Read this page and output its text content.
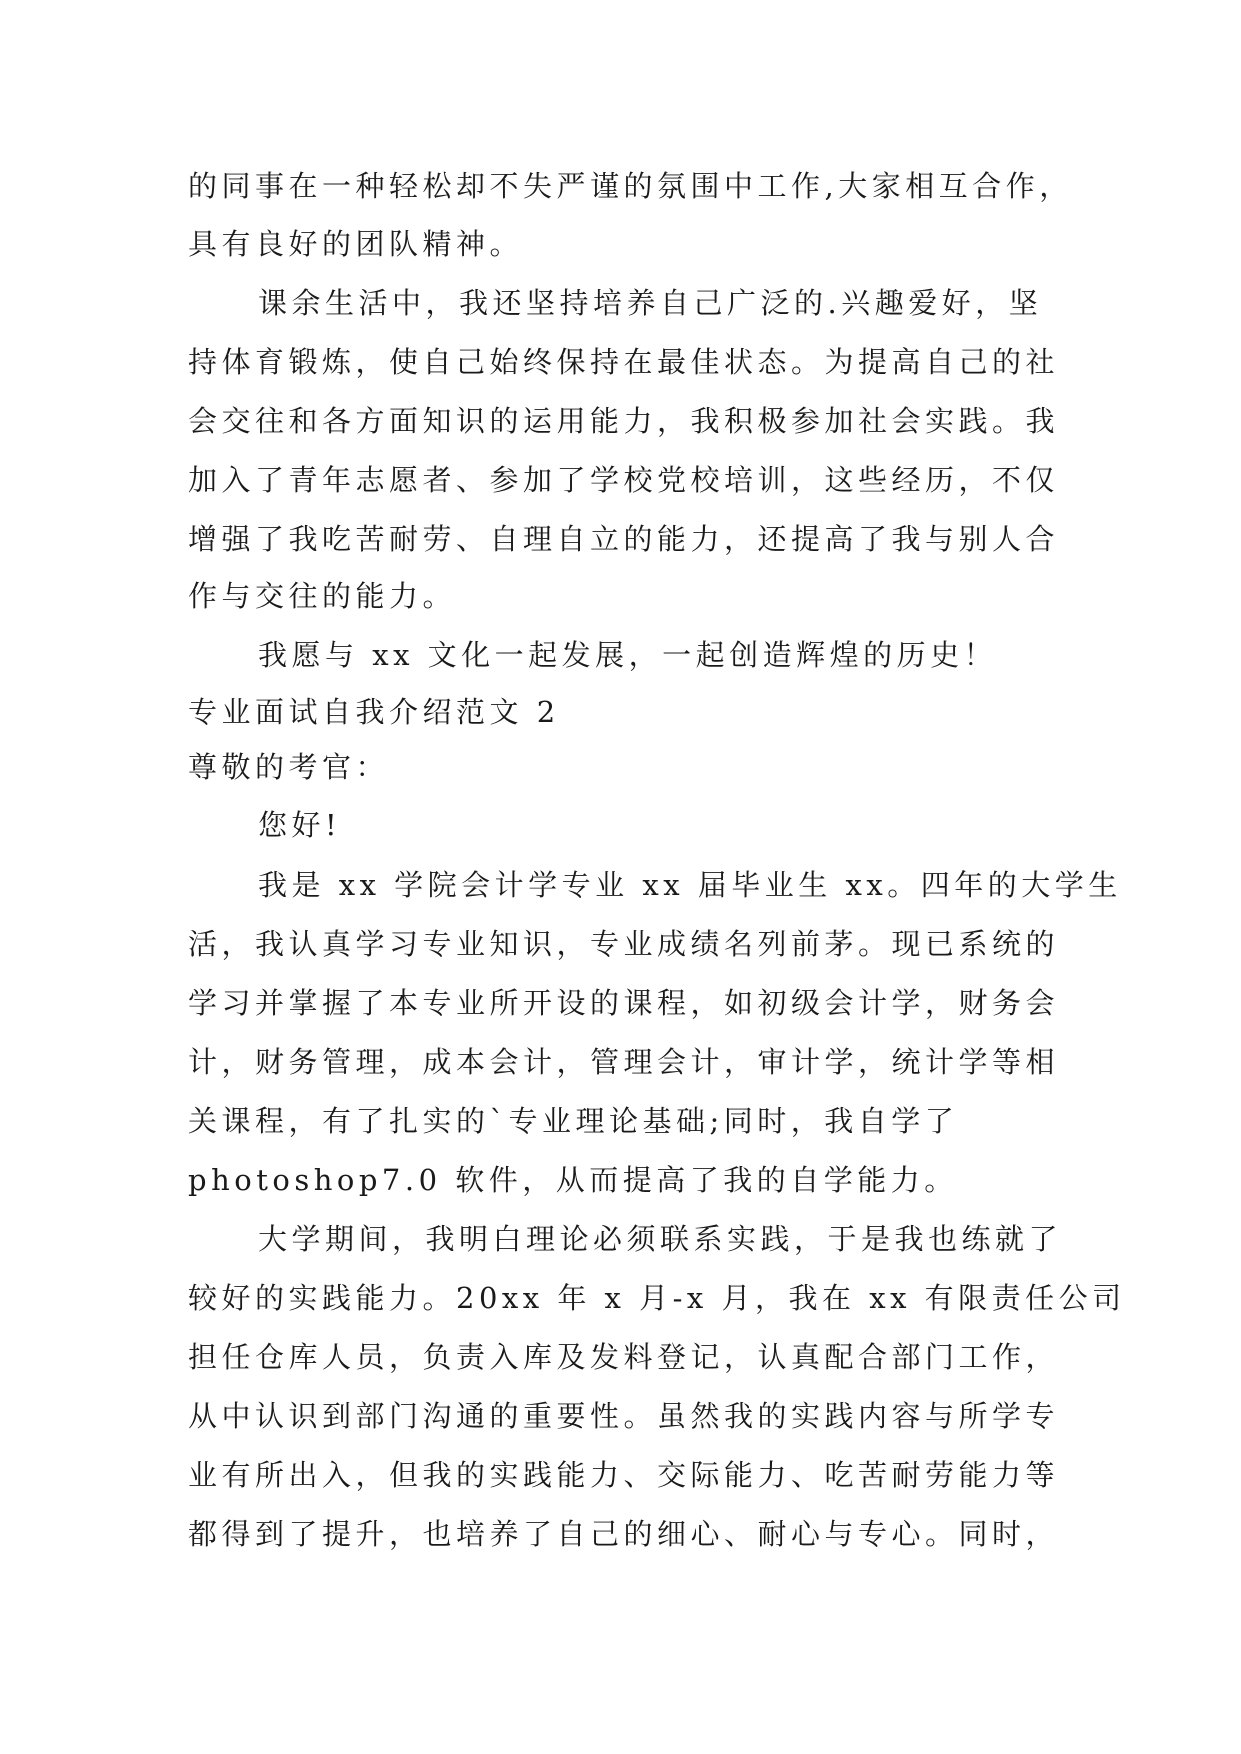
的同事在一种轻松却不失严谨的氛围中工作,大家相互合作，
具有良好的团队精神。
课余生活中，我还坚持培养自己广泛的.兴趣爱好，坚
持体育锻炼，使自己始终保持在最佳状态。为提高自己的社
会交往和各方面知识的运用能力，我积极参加社会实践。我
加入了青年志愿者、参加了学校党校培训，这些经历，不仅
增强了我吃苦耐劳、自理自立的能力，还提高了我与别人合
作与交往的能力。
我愿与 xx 文化一起发展，一起创造辉煌的历史！
专业面试自我介绍范文 2
尊敬的考官：
您好!
我是 xx 学院会计学专业 xx 届毕业生 xx。四年的大学生
活，我认真学习专业知识，专业成绩名列前茅。现已系统的
学习并掌握了本专业所开设的课程，如初级会计学，财务会
计，财务管理，成本会计，管理会计，审计学，统计学等相
关课程，有了扎实的`专业理论基础;同时，我自学了
photoshop7.0 软件，从而提高了我的自学能力。
大学期间，我明白理论必须联系实践，于是我也练就了
较好的实践能力。20xx 年 x 月-x 月，我在 xx 有限责任公司
担任仓库人员，负责入库及发料登记，认真配合部门工作，
从中认识到部门沟通的重要性。虽然我的实践内容与所学专
业有所出入，但我的实践能力、交际能力、吃苦耐劳能力等
都得到了提升，也培养了自己的细心、耐心与专心。同时，
